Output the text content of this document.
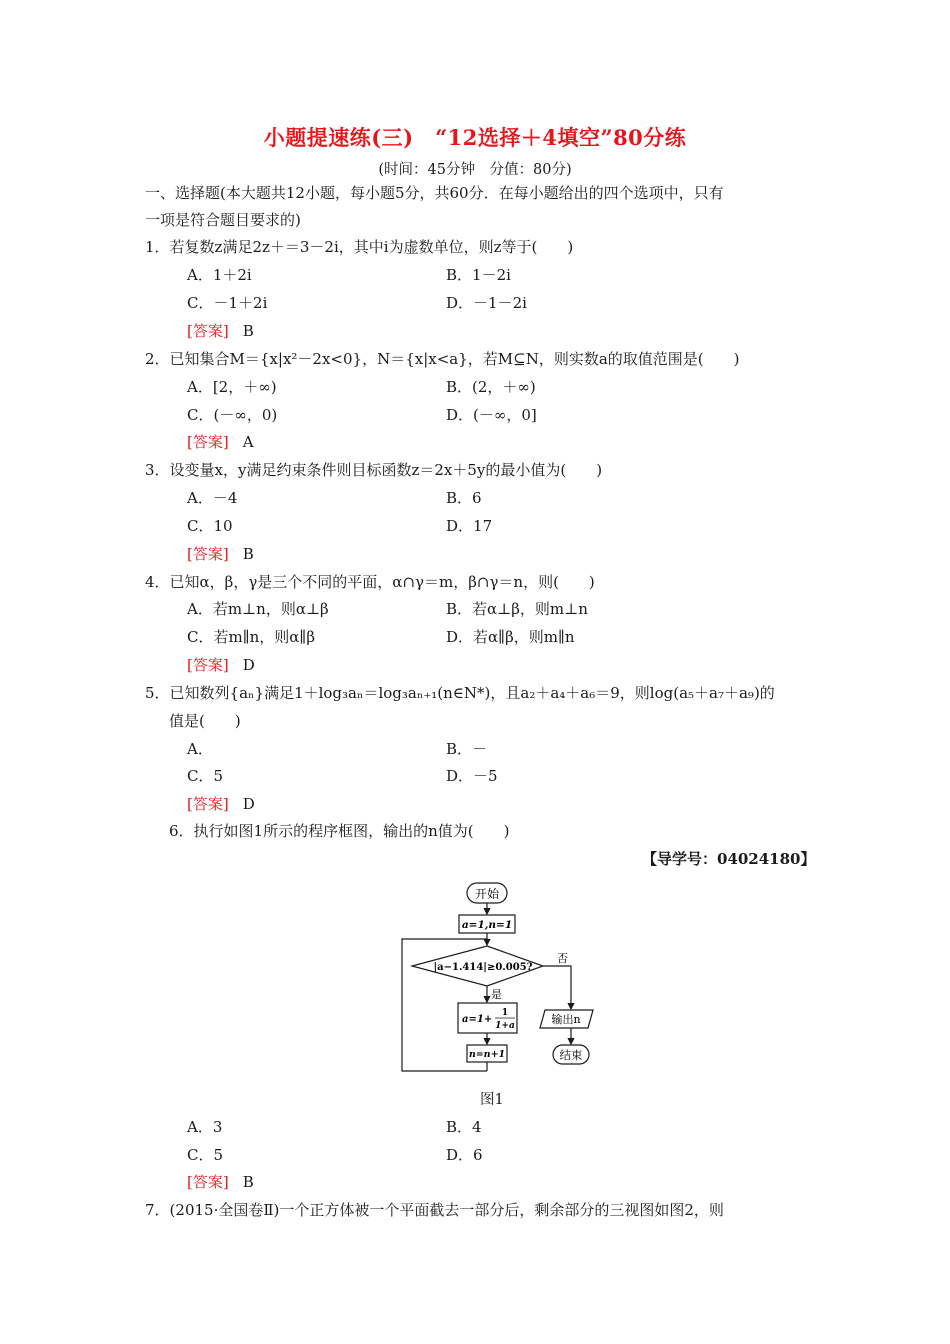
小题提速练(三)　“12选择＋4填空”80分练
(时间：45分钟　分值：80分)
一、选择题(本大题共12小题，每小题5分，共60分．在每小题给出的四个选项中，只有
一项是符合题目要求的)
1．若复数z满足2z＋＝3－2i，其中i为虚数单位，则z等于(　　)
A．1＋2i	B．1－2i
C．－1＋2i	D．－1－2i
[答案] B
2．已知集合M＝{x|x²－2x<0}，N＝{x|x<a}，若M⊆N，则实数a的取值范围是(　　)
A．[2，＋∞)	B．(2，＋∞)
C．(－∞，0)	D．(－∞，0]
[答案] A
3．设变量x，y满足约束条件则目标函数z＝2x＋5y的最小值为(　　)
A．－4	B．6
C．10	D．17
[答案] B
4．已知α，β，γ是三个不同的平面，α∩γ＝m，β∩γ＝n，则(　　)
A．若m⊥n，则α⊥β	B．若α⊥β，则m⊥n
C．若m∥n，则α∥β	D．若α∥β，则m∥n
[答案] D
5．已知数列{aₙ}满足1＋log₃aₙ＝log₃aₙ₊₁(n∈N*)，且a₂＋a₄＋a₆＝9，则log(a₅＋a₇＋a₉)的
值是(　　)
A．	B．－
C．5	D．－5
[答案] D
6．执行如图1所示的程序框图，输出的n值为(　　)
【导学号：04024180】
开始
a=1,n=1
|a−1.414|≥0.005?
否
是
a=1+
1
1+a
n=n+1
输出n
结束
图1
A．3	B．4
C．5	D．6
[答案] B
7．(2015·全国卷Ⅱ)一个正方体被一个平面截去一部分后，剩余部分的三视图如图2，则
